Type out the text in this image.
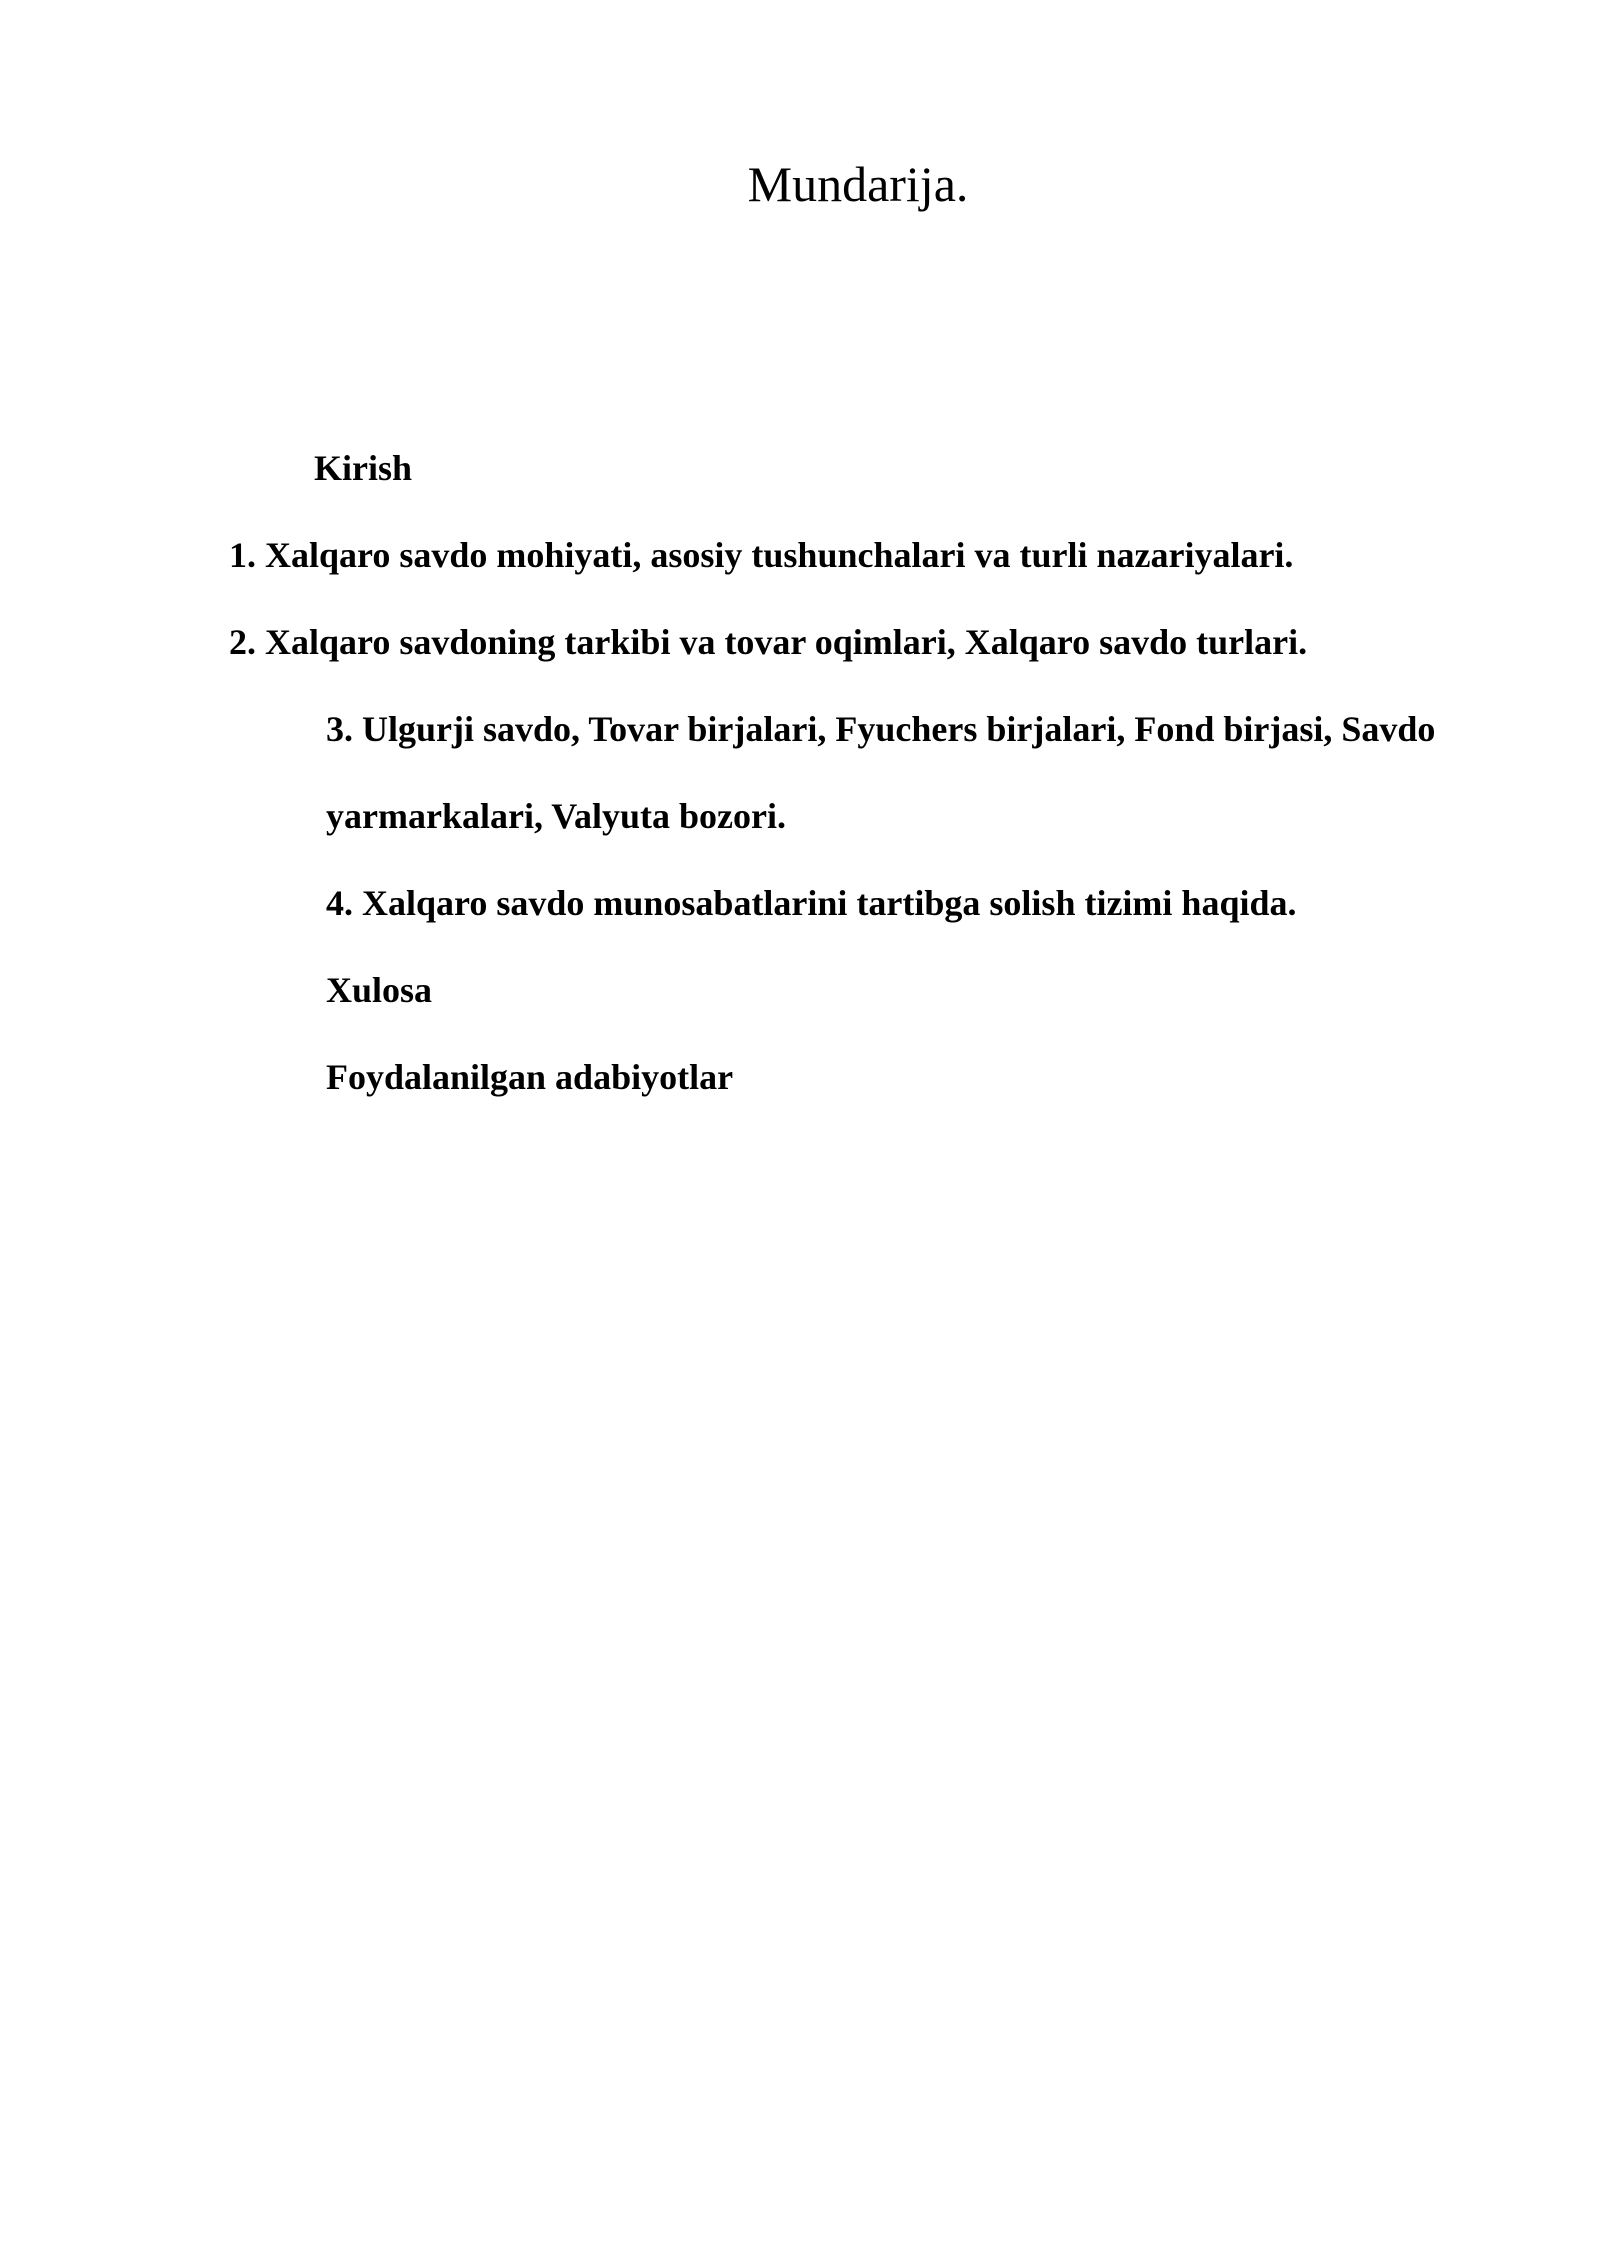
Mundarija.

Kirish

1. Xalqaro savdo mohiyati, asosiy tushunchalari va turli nazariyalari.

2. Xalqaro savdoning tarkibi va tovar oqimlari, Xalqaro savdo turlari.

3. Ulgurji savdo, Tovar birjalari, Fyuchers birjalari, Fond birjasi, Savdo

yarmarkalari, Valyuta bozori.

4. Xalqaro savdo munosabatlarini tartibga solish tizimi haqida.

Xulosa

Foydalanilgan adabiyotlar
